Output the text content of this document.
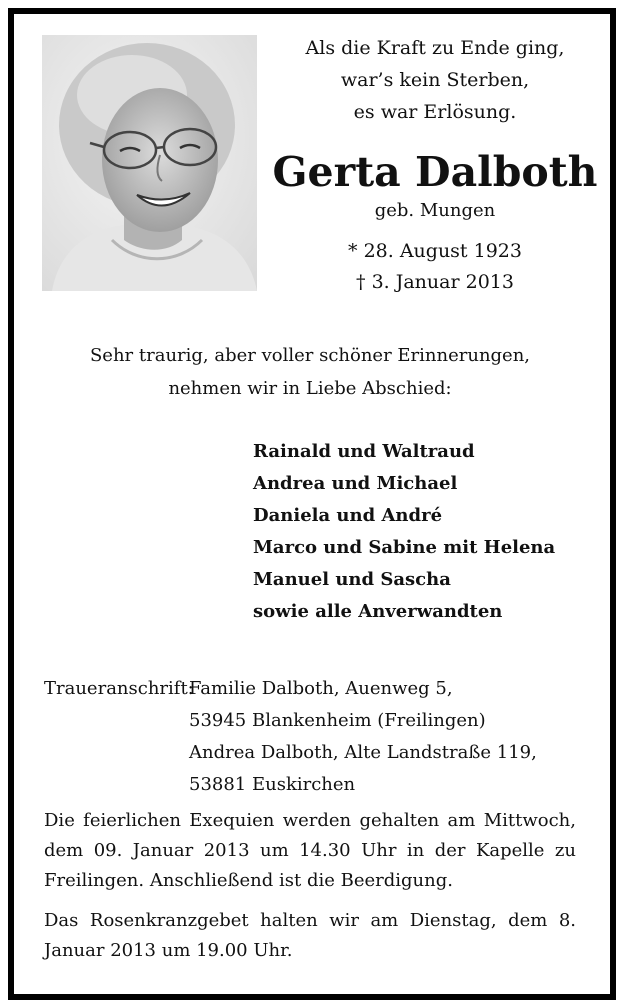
Als die Kraft zu Ende ging,
war’s kein Sterben,
es war Erlösung.
Gerta Dalboth
geb. Mungen
* 28. August 1923
† 3. Januar 2013
Sehr traurig, aber voller schöner Erinnerungen,
nehmen wir in Liebe Abschied:
Rainald und Waltraud
Andrea und Michael
Daniela und André
Marco und Sabine mit Helena
Manuel und Sascha
sowie alle Anverwandten
Traueranschrift:
Familie Dalboth, Auenweg 5,
53945 Blankenheim (Freilingen)
Andrea Dalboth, Alte Landstraße 119,
53881 Euskirchen
Die feierlichen Exequien werden gehalten am Mittwoch, dem 09. Januar 2013 um 14.30 Uhr in der Kapelle zu Freilingen. Anschließend ist die Beerdigung.
Das Rosenkranzgebet halten wir am Dienstag, dem 8. Januar 2013 um 19.00 Uhr.
